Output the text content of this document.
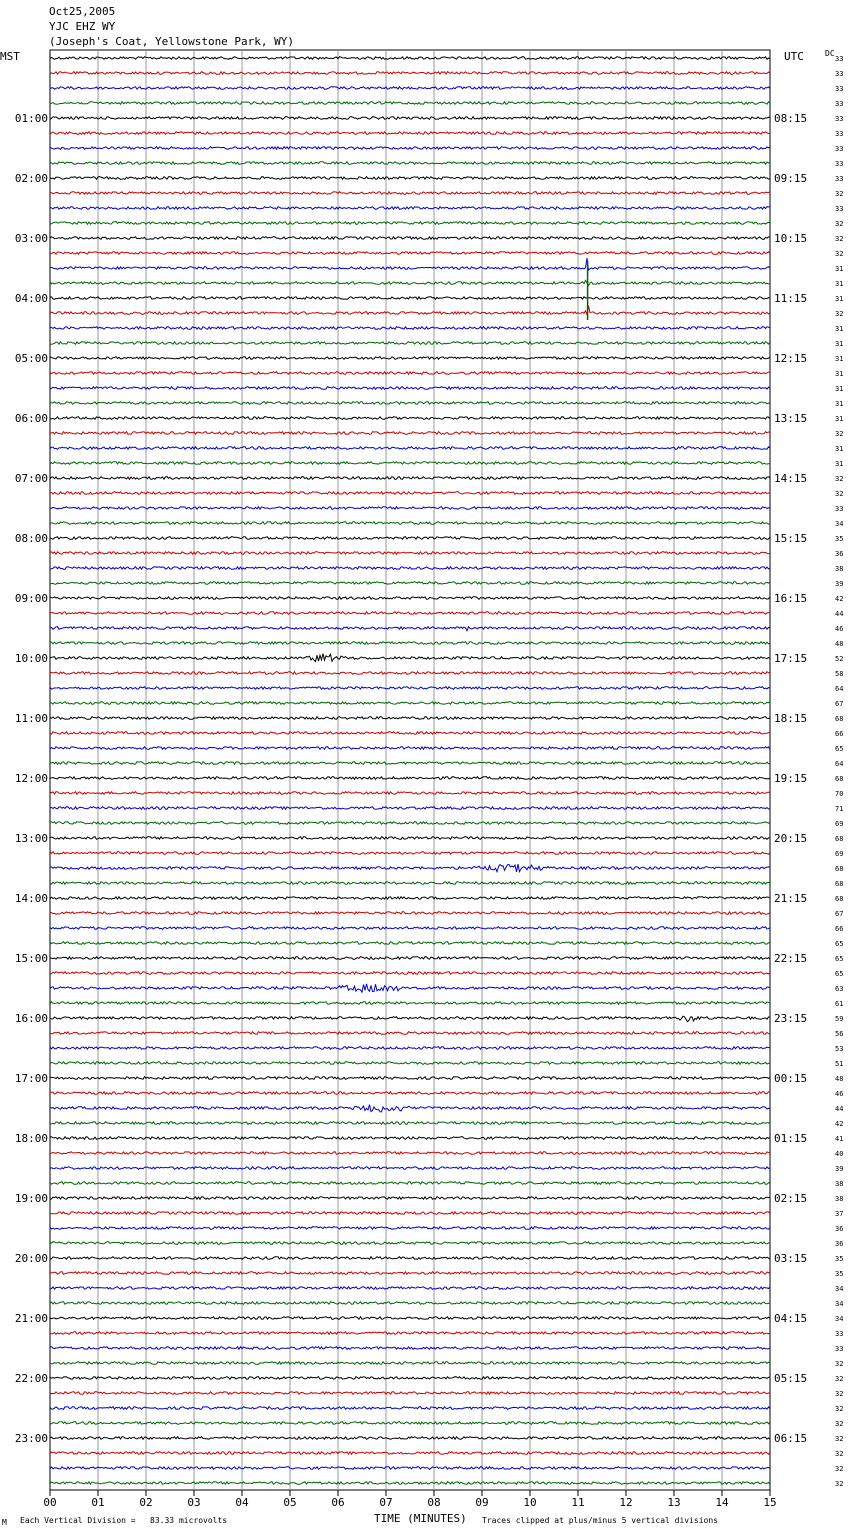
Oct25,2005
YJC EHZ WY
(Joseph's Coat, Yellowstone Park, WY)
MST	UTC	DC
33
33
33
33
33
33
33
33
33
32
33
32
32
32
31
31
31
32
31
31
31
31
31
31
31
32
31
31
32
32
33
34
35
36
38
39
42
44
46
48
52
58
64
67
68
66
65
64
68
70
71
69
68
69
68
68
68
67
66
65
65
65
63
61
59
56
53
51
48
46
44
42
41
40
39
38
38
37
36
36
35
35
34
34
34
33
33
32
32
32
32
32
32
32
32
32
01:00
02:00
03:00
04:00
05:00
06:00
07:00
08:00
09:00
10:00
11:00
12:00
13:00
14:00
15:00
16:00
17:00
18:00
19:00
20:00
21:00
22:00
23:00
08:15
09:15
10:15
11:15
12:15
13:15
14:15
15:15
16:15
17:15
18:15
19:15
20:15
21:15
22:15
23:15
00:15
01:15
02:15
03:15
04:15
05:15
06:15
00	01	02	03	04	05	06	07	08	09	10	11	12	13	14	15
TIME (MINUTES)
Each Vertical Division =   83.33 microvolts	Traces clipped at plus/minus 5 vertical divisions
M
